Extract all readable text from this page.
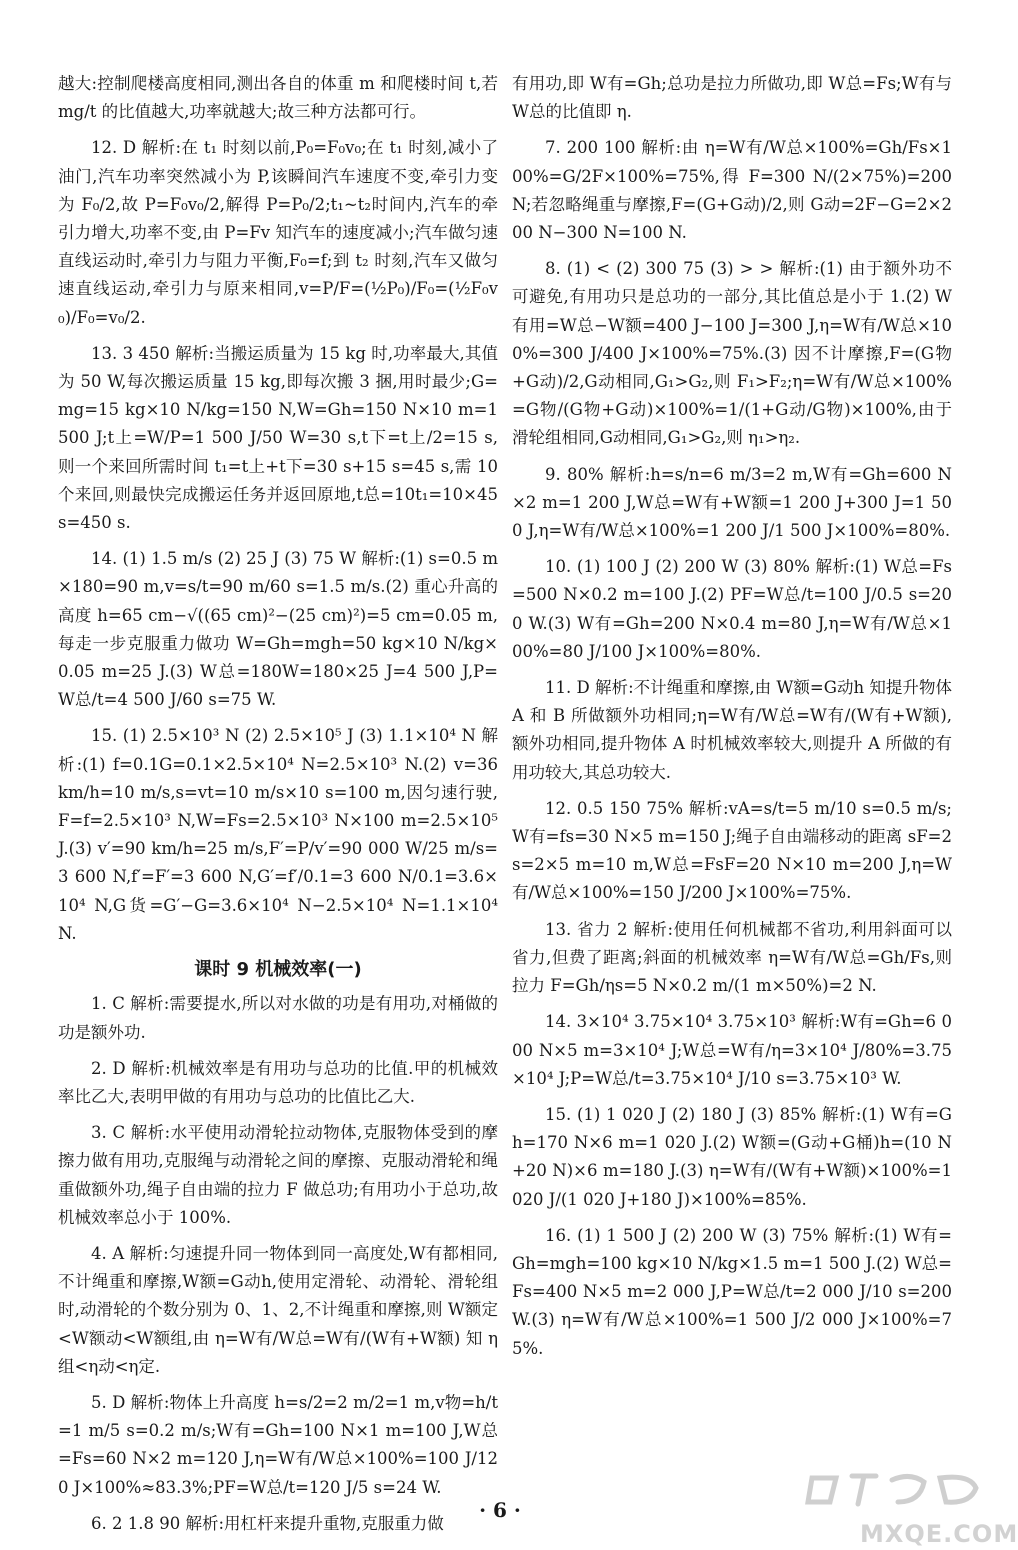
越大:控制爬楼高度相同,测出各自的体重 m 和爬楼时间 t,若 mg/t 的比值越大,功率就越大;故三种方法都可行。

12. D 解析:在 t₁ 时刻以前,P₀=F₀v₀;在 t₁ 时刻,减小了油门,汽车功率突然减小为 P,该瞬间汽车速度不变,牵引力变为 F₀/2,故 P=F₀v₀/2,解得 P=P₀/2;t₁~t₂时间内,汽车的牵引力增大,功率不变,由 P=Fv 知汽车的速度减小;汽车做匀速直线运动时,牵引力与阻力平衡,F₀=f;到 t₂ 时刻,汽车又做匀速直线运动,牵引力与原来相同,v=P/F=(½P₀)/F₀=(½F₀v₀)/F₀=v₀/2.

13. 3 450 解析:当搬运质量为 15 kg 时,功率最大,其值为 50 W,每次搬运质量 15 kg,即每次搬 3 捆,用时最少;G=mg=15 kg×10 N/kg=150 N,W=Gh=150 N×10 m=1 500 J;t上=W/P=1 500 J/50 W=30 s,t下=t上/2=15 s,则一个来回所需时间 t₁=t上+t下=30 s+15 s=45 s,需 10 个来回,则最快完成搬运任务并返回原地,t总=10t₁=10×45 s=450 s.

14. (1) 1.5 m/s (2) 25 J (3) 75 W 解析:(1) s=0.5 m×180=90 m,v=s/t=90 m/60 s=1.5 m/s.(2) 重心升高的高度 h=65 cm−√((65 cm)²−(25 cm)²)=5 cm=0.05 m,每走一步克服重力做功 W=Gh=mgh=50 kg×10 N/kg×0.05 m=25 J.(3) W总=180W=180×25 J=4 500 J,P=W总/t=4 500 J/60 s=75 W.

15. (1) 2.5×10³ N (2) 2.5×10⁵ J (3) 1.1×10⁴ N 解析:(1) f=0.1G=0.1×2.5×10⁴ N=2.5×10³ N.(2) v=36 km/h=10 m/s,s=vt=10 m/s×10 s=100 m,因匀速行驶,F=f=2.5×10³ N,W=Fs=2.5×10³ N×100 m=2.5×10⁵ J.(3) v′=90 km/h=25 m/s,F′=P/v′=90 000 W/25 m/s=3 600 N,f′=F′=3 600 N,G′=f′/0.1=3 600 N/0.1=3.6×10⁴ N,G货=G′−G=3.6×10⁴ N−2.5×10⁴ N=1.1×10⁴ N.

课时 9 机械效率(一)

1. C 解析:需要提水,所以对水做的功是有用功,对桶做的功是额外功.

2. D 解析:机械效率是有用功与总功的比值.甲的机械效率比乙大,表明甲做的有用功与总功的比值比乙大.

3. C 解析:水平使用动滑轮拉动物体,克服物体受到的摩擦力做有用功,克服绳与动滑轮之间的摩擦、克服动滑轮和绳重做额外功,绳子自由端的拉力 F 做总功;有用功小于总功,故机械效率总小于 100%.

4. A 解析:匀速提升同一物体到同一高度处,W有都相同,不计绳重和摩擦,W额=G动h,使用定滑轮、动滑轮、滑轮组时,动滑轮的个数分别为 0、1、2,不计绳重和摩擦,则 W额定<W额动<W额组,由 η=W有/W总=W有/(W有+W额) 知 η组<η动<η定.

5. D 解析:物体上升高度 h=s/2=2 m/2=1 m,v物=h/t=1 m/5 s=0.2 m/s;W有=Gh=100 N×1 m=100 J,W总=Fs=60 N×2 m=120 J,η=W有/W总×100%=100 J/120 J×100%≈83.3%;PF=W总/t=120 J/5 s=24 W.

6. 2 1.8 90 解析:用杠杆来提升重物,克服重力做

有用功,即 W有=Gh;总功是拉力所做功,即 W总=Fs;W有与 W总的比值即 η.

7. 200 100 解析:由 η=W有/W总×100%=Gh/Fs×100%=G/2F×100%=75%,得 F=300 N/(2×75%)=200 N;若忽略绳重与摩擦,F=(G+G动)/2,则 G动=2F−G=2×200 N−300 N=100 N.

8. (1) < (2) 300 75 (3) > > 解析:(1) 由于额外功不可避免,有用功只是总功的一部分,其比值总是小于 1.(2) W有用=W总−W额=400 J−100 J=300 J,η=W有/W总×100%=300 J/400 J×100%=75%.(3) 因不计摩擦,F=(G物+G动)/2,G动相同,G₁>G₂,则 F₁>F₂;η=W有/W总×100%=G物/(G物+G动)×100%=1/(1+G动/G物)×100%,由于滑轮组相同,G动相同,G₁>G₂,则 η₁>η₂.

9. 80% 解析:h=s/n=6 m/3=2 m,W有=Gh=600 N×2 m=1 200 J,W总=W有+W额=1 200 J+300 J=1 500 J,η=W有/W总×100%=1 200 J/1 500 J×100%=80%.

10. (1) 100 J (2) 200 W (3) 80% 解析:(1) W总=Fs=500 N×0.2 m=100 J.(2) PF=W总/t=100 J/0.5 s=200 W.(3) W有=Gh=200 N×0.4 m=80 J,η=W有/W总×100%=80 J/100 J×100%=80%.

11. D 解析:不计绳重和摩擦,由 W额=G动h 知提升物体 A 和 B 所做额外功相同;η=W有/W总=W有/(W有+W额),额外功相同,提升物体 A 时机械效率较大,则提升 A 所做的有用功较大,其总功较大.

12. 0.5 150 75% 解析:vA=s/t=5 m/10 s=0.5 m/s;W有=fs=30 N×5 m=150 J;绳子自由端移动的距离 sF=2s=2×5 m=10 m,W总=FsF=20 N×10 m=200 J,η=W有/W总×100%=150 J/200 J×100%=75%.

13. 省力 2 解析:使用任何机械都不省功,利用斜面可以省力,但费了距离;斜面的机械效率 η=W有/W总=Gh/Fs,则拉力 F=Gh/ηs=5 N×0.2 m/(1 m×50%)=2 N.

14. 3×10⁴ 3.75×10⁴ 3.75×10³ 解析:W有=Gh=6 000 N×5 m=3×10⁴ J;W总=W有/η=3×10⁴ J/80%=3.75×10⁴ J;P=W总/t=3.75×10⁴ J/10 s=3.75×10³ W.

15. (1) 1 020 J (2) 180 J (3) 85% 解析:(1) W有=Gh=170 N×6 m=1 020 J.(2) W额=(G动+G桶)h=(10 N+20 N)×6 m=180 J.(3) η=W有/(W有+W额)×100%=1 020 J/(1 020 J+180 J)×100%=85%.

16. (1) 1 500 J (2) 200 W (3) 75% 解析:(1) W有=Gh=mgh=100 kg×10 N/kg×1.5 m=1 500 J.(2) W总=Fs=400 N×5 m=2 000 J,P=W总/t=2 000 J/10 s=200 W.(3) η=W有/W总×100%=1 500 J/2 000 J×100%=75%.

· 6 ·
MXQE.COM
